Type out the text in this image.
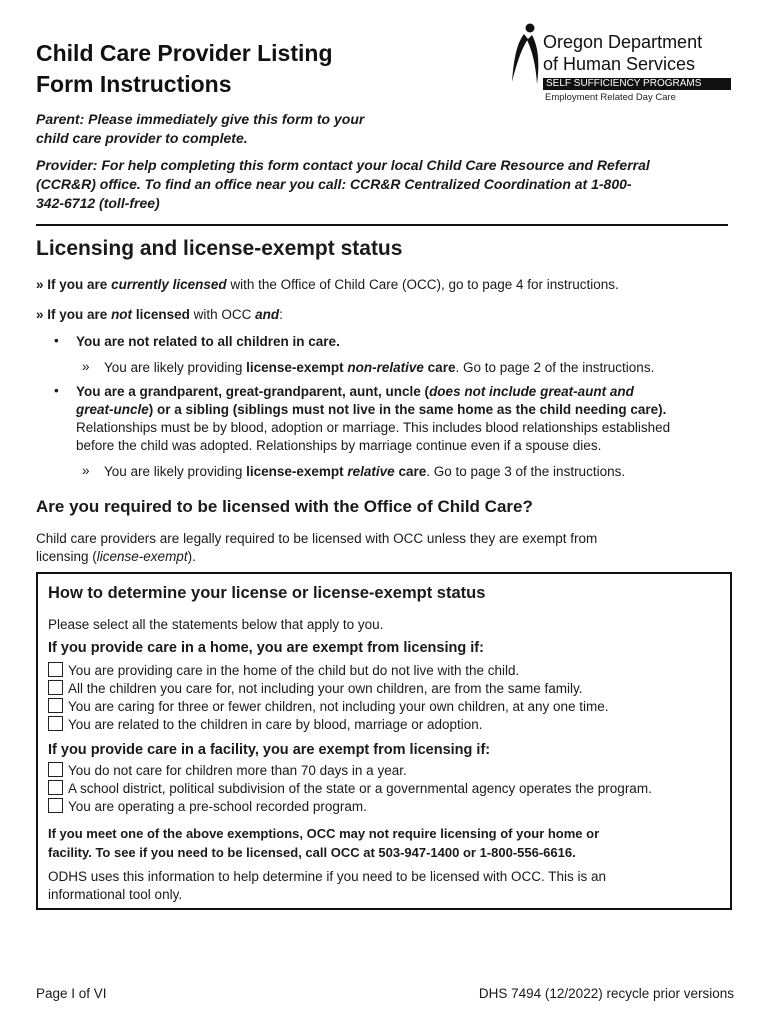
Child Care Provider Listing
Form Instructions
Oregon Department
of Human Services
SELF SUFFICIENCY PROGRAMS
Employment Related Day Care

Parent: Please immediately give this form to your
child care provider to complete.

Provider: For help completing this form contact your local Child Care Resource and Referral
(CCR&R) office. To find an office near you call: CCR&R Centralized Coordination at 1-800-
342-6712 (toll-free)

Licensing and license-exempt status

» If you are currently licensed with the Office of Child Care (OCC), go to page 4 for instructions.

» If you are not licensed with OCC and:

• You are not related to all children in care.

» You are likely providing license-exempt non-relative care. Go to page 2 of the instructions.

• You are a grandparent, great-grandparent, aunt, uncle (does not include great-aunt and
great-uncle) or a sibling (siblings must not live in the same home as the child needing care).
Relationships must be by blood, adoption or marriage. This includes blood relationships established
before the child was adopted. Relationships by marriage continue even if a spouse dies.

» You are likely providing license-exempt relative care. Go to page 3 of the instructions.

Are you required to be licensed with the Office of Child Care?

Child care providers are legally required to be licensed with OCC unless they are exempt from
licensing (license-exempt).

How to determine your license or license-exempt status

Please select all the statements below that apply to you.

If you provide care in a home, you are exempt from licensing if:
You are providing care in the home of the child but do not live with the child.
All the children you care for, not including your own children, are from the same family.
You are caring for three or fewer children, not including your own children, at any one time.
You are related to the children in care by blood, marriage or adoption.
If you provide care in a facility, you are exempt from licensing if:
You do not care for children more than 70 days in a year.
A school district, political subdivision of the state or a governmental agency operates the program.
You are operating a pre-school recorded program.

If you meet one of the above exemptions, OCC may not require licensing of your home or
facility. To see if you need to be licensed, call OCC at 503-947-1400 or 1-800-556-6616.

ODHS uses this information to help determine if you need to be licensed with OCC. This is an
informational tool only.

Page I of VI	DHS 7494 (12/2022) recycle prior versions
